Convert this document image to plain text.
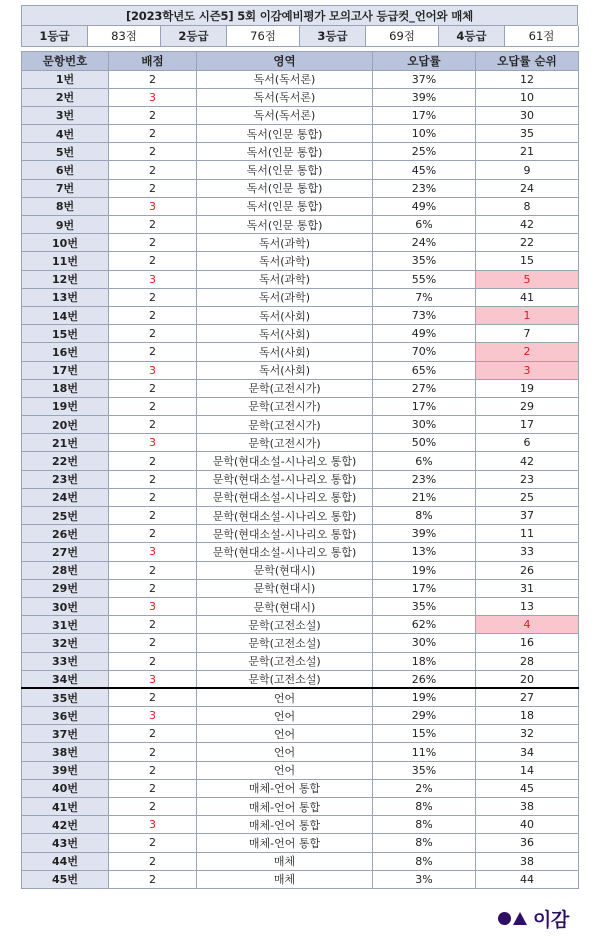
[2023학년도 시즌5] 5회 이감예비평가 모의고사 등급컷_언어와 매체
1등급	83점	2등급	76점	3등급	69점	4등급	61점
문항번호	배점	영역	오답률	오답률 순위
1번	2	독서(독서론)	37%	12
2번	3	독서(독서론)	39%	10
3번	2	독서(독서론)	17%	30
4번	2	독서(인문 통합)	10%	35
5번	2	독서(인문 통합)	25%	21
6번	2	독서(인문 통합)	45%	9
7번	2	독서(인문 통합)	23%	24
8번	3	독서(인문 통합)	49%	8
9번	2	독서(인문 통합)	6%	42
10번	2	독서(과학)	24%	22
11번	2	독서(과학)	35%	15
12번	3	독서(과학)	55%	5
13번	2	독서(과학)	7%	41
14번	2	독서(사회)	73%	1
15번	2	독서(사회)	49%	7
16번	2	독서(사회)	70%	2
17번	3	독서(사회)	65%	3
18번	2	문학(고전시가)	27%	19
19번	2	문학(고전시가)	17%	29
20번	2	문학(고전시가)	30%	17
21번	3	문학(고전시가)	50%	6
22번	2	문학(현대소설-시나리오 통합)	6%	42
23번	2	문학(현대소설-시나리오 통합)	23%	23
24번	2	문학(현대소설-시나리오 통합)	21%	25
25번	2	문학(현대소설-시나리오 통합)	8%	37
26번	2	문학(현대소설-시나리오 통합)	39%	11
27번	3	문학(현대소설-시나리오 통합)	13%	33
28번	2	문학(현대시)	19%	26
29번	2	문학(현대시)	17%	31
30번	3	문학(현대시)	35%	13
31번	2	문학(고전소설)	62%	4
32번	2	문학(고전소설)	30%	16
33번	2	문학(고전소설)	18%	28
34번	3	문학(고전소설)	26%	20
35번	2	언어	19%	27
36번	3	언어	29%	18
37번	2	언어	15%	32
38번	2	언어	11%	34
39번	2	언어	35%	14
40번	2	매체-언어 통합	2%	45
41번	2	매체-언어 통합	8%	38
42번	3	매체-언어 통합	8%	40
43번	2	매체-언어 통합	8%	36
44번	2	매체	8%	38
45번	2	매체	3%	44
이감
